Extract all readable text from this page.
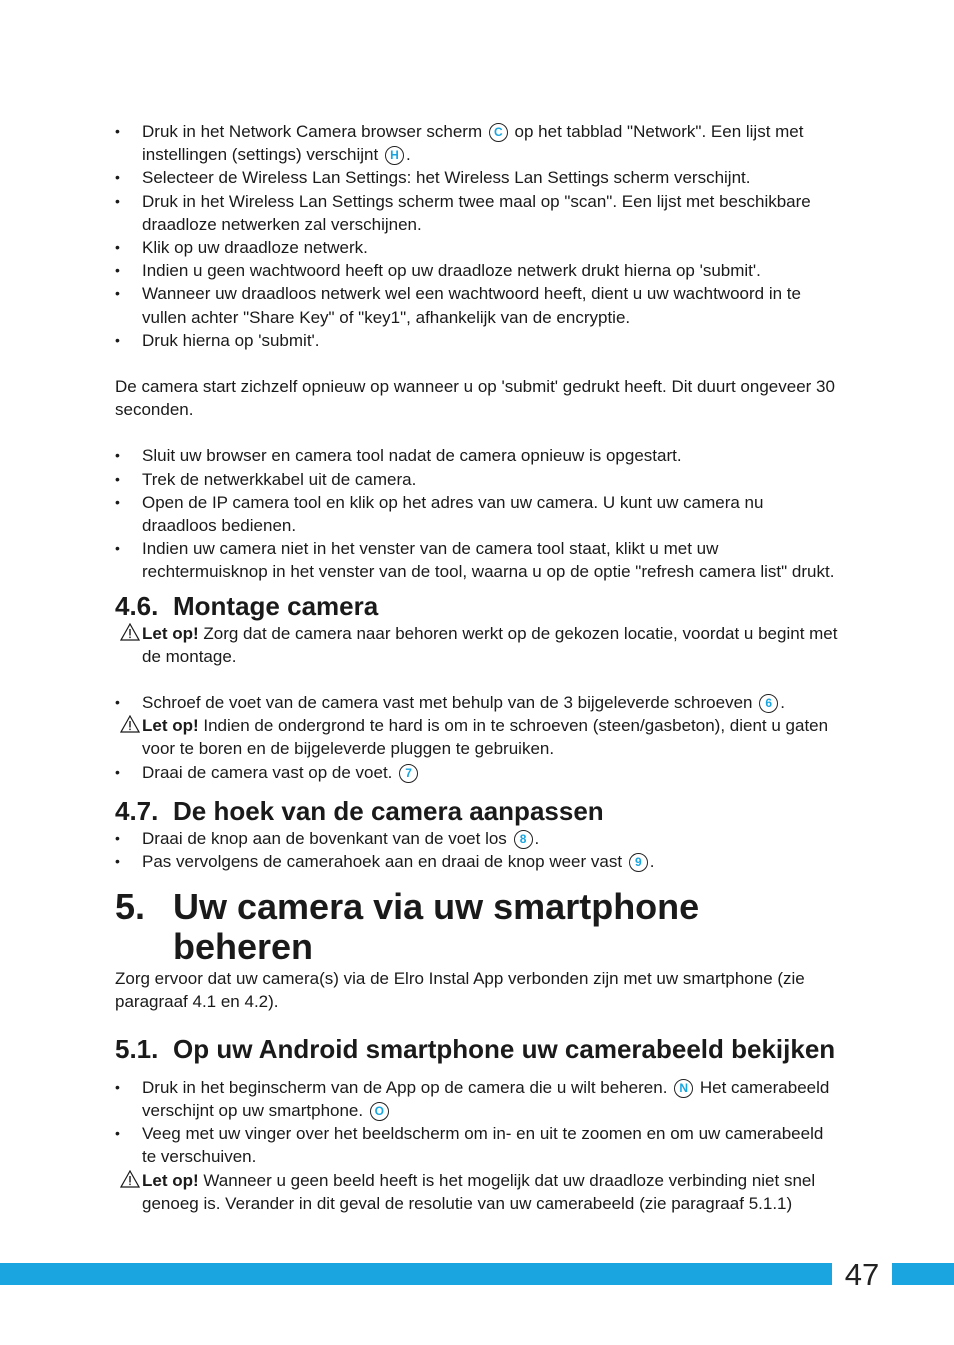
• Druk in het Network Camera browser scherm C op het tabblad "Network". Een lijst met instellingen (settings) verschijnt H .
• Selecteer de Wireless Lan Settings: het Wireless Lan Settings scherm verschijnt.
• Druk in het Wireless Lan Settings scherm twee maal op "scan". Een lijst met beschikbare draadloze netwerken zal verschijnen.
• Klik op uw draadloze netwerk.
• Indien u geen wachtwoord heeft op uw draadloze netwerk drukt hierna op 'submit'.
• Wanneer uw draadloos netwerk wel een wachtwoord heeft, dient u uw wachtwoord in te vullen achter "Share Key" of "key1", afhankelijk van de encryptie.
• Druk hierna op 'submit'.
De camera start zichzelf opnieuw op wanneer u op 'submit' gedrukt heeft. Dit duurt ongeveer 30 seconden.
• Sluit uw browser en camera tool nadat de camera opnieuw is opgestart.
• Trek de netwerkkabel uit de camera.
• Open de IP camera tool en klik op het adres van uw camera. U kunt uw camera nu draadloos bedienen.
• Indien uw camera niet in het venster van de camera tool staat, klikt u met uw rechtermuisknop in het venster van de tool, waarna u op de optie "refresh camera list" drukt.
4.6. Montage camera
Let op! Zorg dat de camera naar behoren werkt op de gekozen locatie, voordat u begint met de montage.
• Schroef de voet van de camera vast met behulp van de 3 bijgeleverde schroeven 6 .
Let op! Indien de ondergrond te hard is om in te schroeven (steen/gasbeton), dient u gaten voor te boren en de bijgeleverde pluggen te gebruiken.
• Draai de camera vast op de voet. 7
4.7. De hoek van de camera aanpassen
• Draai de knop aan de bovenkant van de voet los 8 .
• Pas vervolgens de camerahoek aan en draai de knop weer vast 9 .
5. Uw camera via uw smartphone beheren
Zorg ervoor dat uw camera(s) via de Elro Instal App verbonden zijn met uw smartphone (zie paragraaf 4.1 en 4.2).
5.1. Op uw Android smartphone uw camerabeeld bekijken
• Druk in het beginscherm van de App op de camera die u wilt beheren. N Het camerabeeld verschijnt op uw smartphone. O
• Veeg met uw vinger over het beeldscherm om in- en uit te zoomen en om uw camerabeeld te verschuiven.
Let op! Wanneer u geen beeld heeft is het mogelijk dat uw draadloze verbinding niet snel genoeg is. Verander in dit geval de resolutie van uw camerabeeld (zie paragraaf 5.1.1)
47
